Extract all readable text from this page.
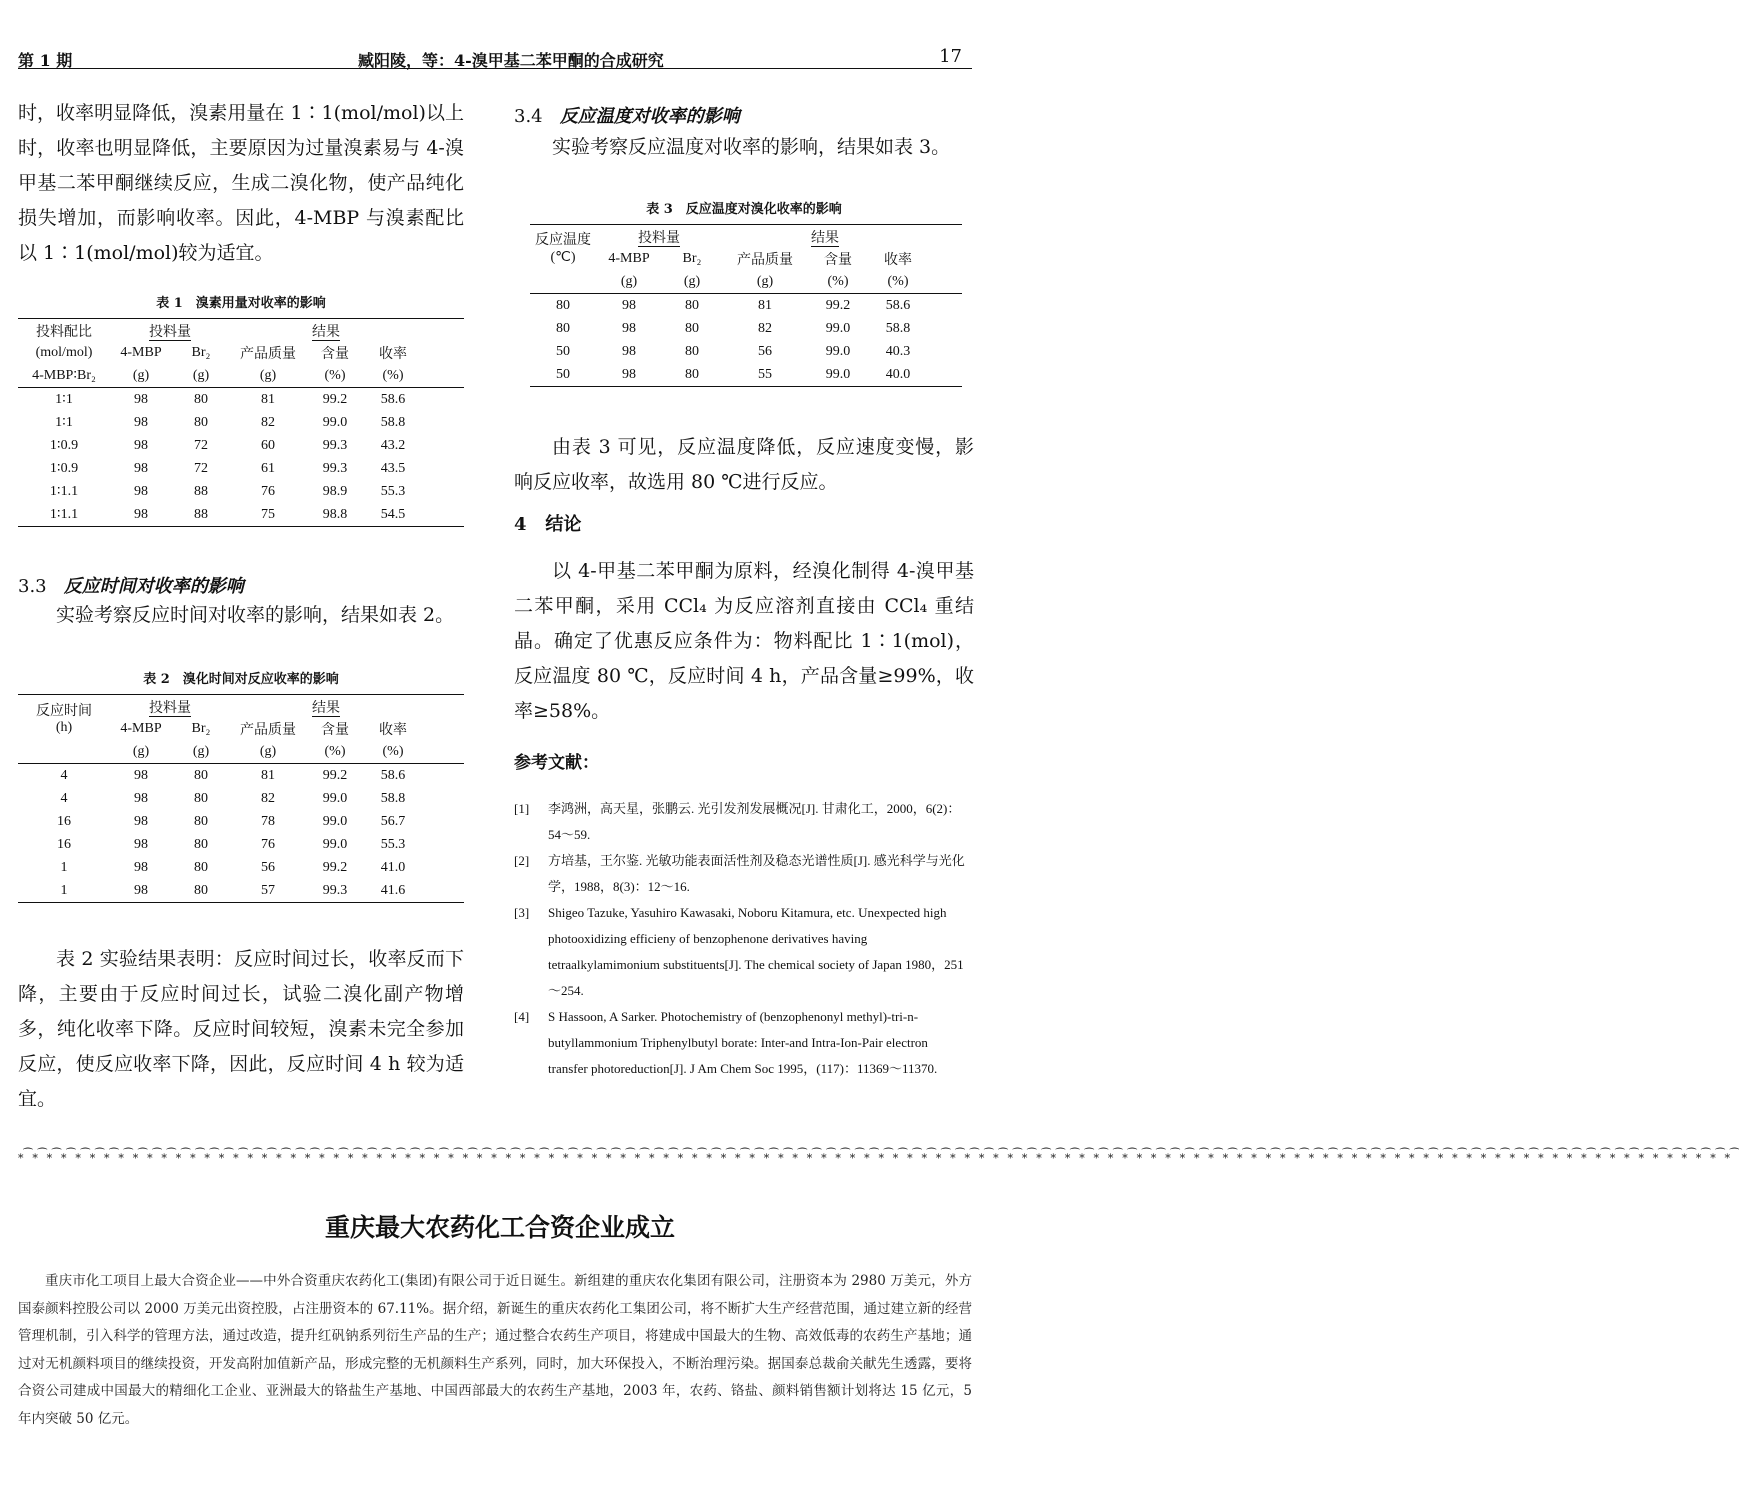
第 1 期	臧阳陵，等：4-溴甲基二苯甲酮的合成研究	17

时，收率明显降低，溴素用量在 1∶1(mol/mol)以上时，收率也明显降低，主要原因为过量溴素易与 4-溴甲基二苯甲酮继续反应，生成二溴化物，使产品纯化损失增加，而影响收率。因此，4-MBP 与溴素配比以 1∶1(mol/mol)较为适宜。

表 1　溴素用量对收率的影响
投料配比	投料量		结果			
(mol/mol)	4-MBP	Br₂	产品质量	含量	收率	
4-MBP∶Br₂	(g)	(g)	(g)	(%)	(%)	
1∶1	98	80	81	99.2	58.6	
1∶1	98	80	82	99.0	58.8	
1∶0.9	98	72	60	99.3	43.2	
1∶0.9	98	72	61	99.3	43.5	
1∶1.1	98	88	76	98.9	55.3	
1∶1.1	98	88	75	98.8	54.5	
3.3 反应时间对收率的影响
实验考察反应时间对收率的影响，结果如表 2。
表 2　溴化时间对反应收率的影响
反应时间
(h)	投料量		结果			
	4-MBP	Br₂	产品质量	含量	收率	
	(g)	(g)	(g)	(%)	(%)	
4	98	80	81	99.2	58.6	
4	98	80	82	99.0	58.8	
16	98	80	78	99.0	56.7	
16	98	80	76	99.0	55.3	
1	98	80	56	99.2	41.0	
1	98	80	57	99.3	41.6	
表 2 实验结果表明：反应时间过长，收率反而下降，主要由于反应时间过长，试验二溴化副产物增多，纯化收率下降。反应时间较短，溴素未完全参加反应，使反应收率下降，因此，反应时间 4 h 较为适宜。
3.4 反应温度对收率的影响
实验考察反应温度对收率的影响，结果如表 3。
表 3　反应温度对溴化收率的影响
反应温度
(℃)	投料量		结果			
	4-MBP	Br₂	产品质量	含量	收率	
	(g)	(g)	(g)	(%)	(%)	
80	98	80	81	99.2	58.6	
80	98	80	82	99.0	58.8	
50	98	80	56	99.0	40.3	
50	98	80	55	99.0	40.0	
由表 3 可见，反应温度降低，反应速度变慢，影响反应收率，故选用 80 ℃进行反应。
4 结论
以 4-甲基二苯甲酮为原料，经溴化制得 4-溴甲基二苯甲酮，采用 CCl₄ 为反应溶剂直接由 CCl₄ 重结晶。确定了优惠反应条件为：物料配比 1∶1(mol)，反应温度 80 ℃，反应时间 4 h，产品含量≥99%，收率≥58%。
参考文献：
[1] 李鸿洲，高天星，张鹏云. 光引发剂发展概况[J]. 甘肃化工，2000，6(2)：54～59.
[2] 方培基，王尔鉴. 光敏功能表面活性剂及稳态光谱性质[J]. 感光科学与光化学，1988，8(3)：12～16.
[3] Shigeo Tazuke, Yasuhiro Kawasaki, Noboru Kitamura, etc. Unexpected high photooxidizing efficieny of benzophenone derivatives having tetraalkylamimonium substituents[J]. The chemical society of Japan 1980，251～254.
[4] S Hassoon, A Sarker. Photochemistry of (benzophenonyl methyl)-tri-n-butyllammonium Triphenylbutyl borate: Inter-and Intra-Ion-Pair electron transfer photoreduction[J]. J Am Chem Soc 1995，(117)：11369～11370.
⁎⁀⁎⁀⁎⁀⁎⁀⁎⁀⁎⁀⁎⁀⁎⁀⁎⁀⁎⁀⁎⁀⁎⁀⁎⁀⁎⁀⁎⁀⁎⁀⁎⁀⁎⁀⁎⁀⁎⁀⁎⁀⁎⁀⁎⁀⁎⁀⁎⁀⁎⁀⁎⁀⁎⁀⁎⁀⁎⁀⁎⁀⁎⁀⁎⁀⁎⁀⁎⁀⁎⁀⁎⁀⁎⁀⁎⁀⁎⁀⁎⁀⁎⁀⁎⁀⁎⁀⁎⁀⁎⁀⁎⁀⁎⁀⁎⁀⁎⁀⁎⁀⁎⁀⁎⁀⁎⁀⁎⁀⁎⁀⁎⁀⁎⁀⁎⁀⁎⁀⁎⁀⁎⁀⁎⁀⁎⁀⁎⁀⁎⁀⁎⁀⁎⁀⁎⁀⁎⁀⁎⁀⁎⁀⁎⁀⁎⁀⁎⁀⁎⁀⁎⁀⁎⁀⁎⁀⁎⁀⁎⁀⁎⁀⁎⁀⁎⁀⁎⁀⁎⁀⁎⁀⁎⁀⁎⁀⁎⁀⁎⁀⁎⁀⁎⁀⁎⁀⁎⁀⁎⁀⁎⁀⁎⁀⁎⁀⁎⁀⁎⁀⁎⁀⁎⁀⁎⁀⁎⁀⁎⁀⁎⁀⁎⁀⁎⁀⁎⁀⁎⁀⁎⁀⁎⁀⁎⁀⁎⁀⁎⁀⁎⁀⁎⁀⁎⁀⁎⁀
重庆最大农药化工合资企业成立
重庆市化工项目上最大合资企业——中外合资重庆农药化工(集团)有限公司于近日诞生。新组建的重庆农化集团有限公司，注册资本为 2980 万美元，外方国泰颜料控股公司以 2000 万美元出资控股，占注册资本的 67.11%。据介绍，新诞生的重庆农药化工集团公司，将不断扩大生产经营范围，通过建立新的经营管理机制，引入科学的管理方法，通过改造，提升红矾钠系列衍生产品的生产；通过整合农药生产项目，将建成中国最大的生物、高效低毒的农药生产基地；通过对无机颜料项目的继续投资，开发高附加值新产品，形成完整的无机颜料生产系列，同时，加大环保投入，不断治理污染。据国泰总裁俞关献先生透露，要将合资公司建成中国最大的精细化工企业、亚洲最大的铬盐生产基地、中国西部最大的农药生产基地，2003 年，农药、铬盐、颜料销售额计划将达 15 亿元，5 年内突破 50 亿元。
